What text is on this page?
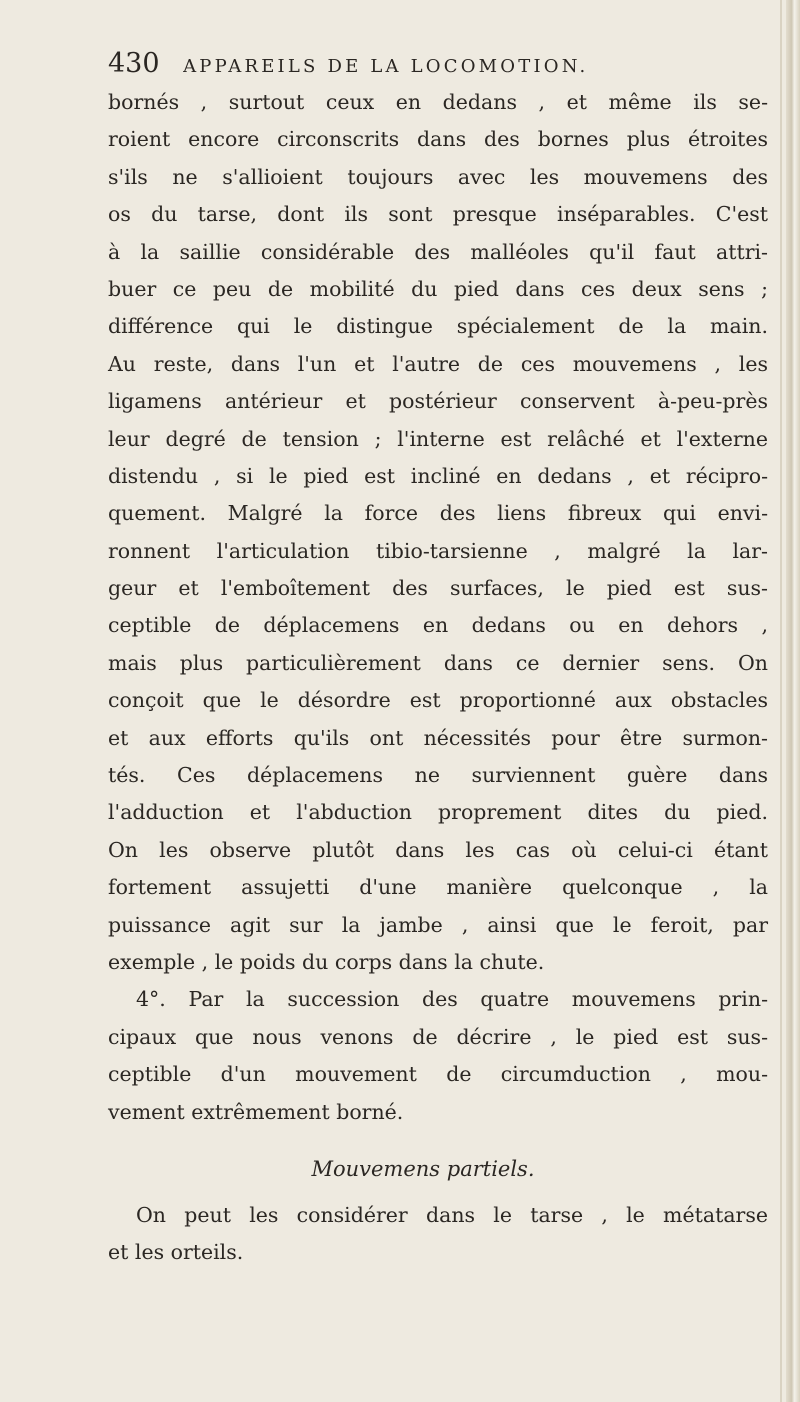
430 APPAREILS DE LA LOCOMOTION.
bornés , surtout ceux en dedans , et même ils se-
roient encore circonscrits dans des bornes plus étroites
s'ils ne s'allioient toujours avec les mouvemens des
os du tarse, dont ils sont presque inséparables. C'est
à la saillie considérable des malléoles qu'il faut attri-
buer ce peu de mobilité du pied dans ces deux sens ;
différence qui le distingue spécialement de la main.
Au reste, dans l'un et l'autre de ces mouvemens , les
ligamens antérieur et postérieur conservent à-peu-près
leur degré de tension ; l'interne est relâché et l'externe
distendu , si le pied est incliné en dedans , et récipro-
quement. Malgré la force des liens fibreux qui envi-
ronnent l'articulation tibio-tarsienne , malgré la lar-
geur et l'emboîtement des surfaces, le pied est sus-
ceptible de déplacemens en dedans ou en dehors ,
mais plus particulièrement dans ce dernier sens. On
conçoit que le désordre est proportionné aux obstacles
et aux efforts qu'ils ont nécessités pour être surmon-
tés. Ces déplacemens ne surviennent guère dans
l'adduction et l'abduction proprement dites du pied.
On les observe plutôt dans les cas où celui-ci étant
fortement assujetti d'une manière quelconque , la
puissance agit sur la jambe , ainsi que le feroit, par
exemple , le poids du corps dans la chute.
4°. Par la succession des quatre mouvemens prin-
cipaux que nous venons de décrire , le pied est sus-
ceptible d'un mouvement de circumduction , mou-
vement extrêmement borné.
Mouvemens partiels.
On peut les considérer dans le tarse , le métatarse
et les orteils.
